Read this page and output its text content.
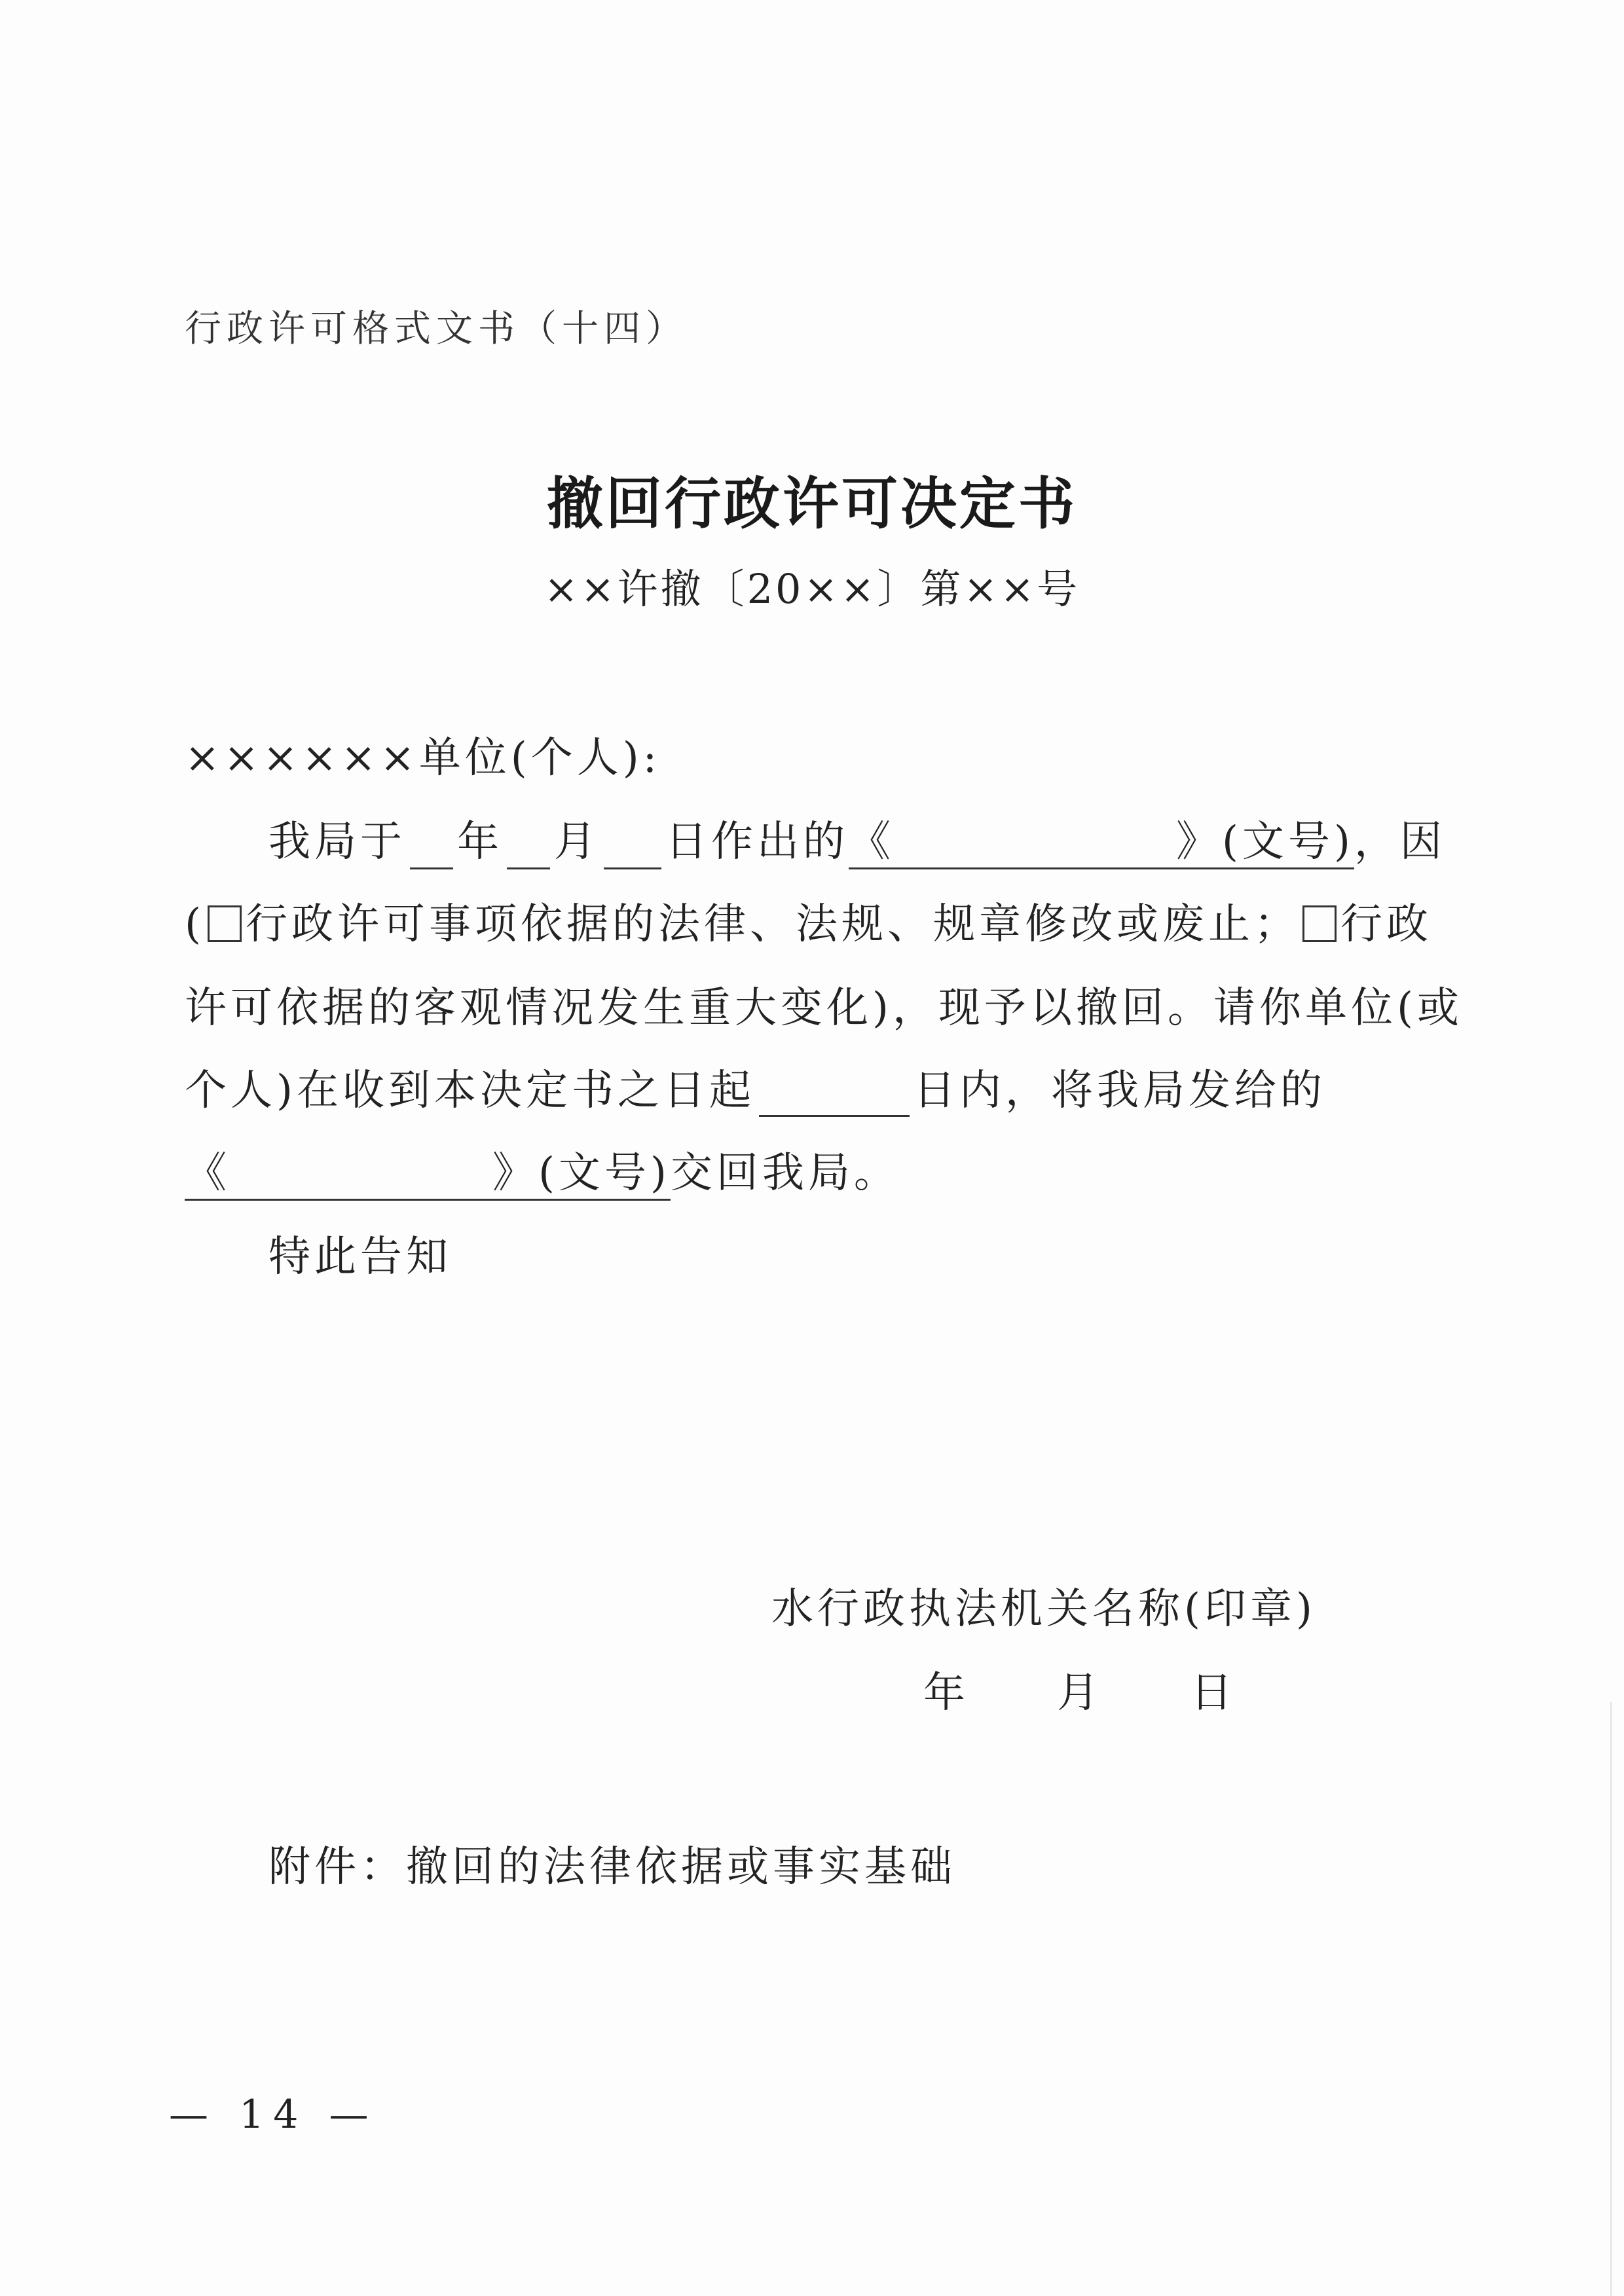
行政许可格式文书（十四）
撤回行政许可决定书
××许撤〔20××〕第××号
××××××单位(个人):
我局于 年 月 日作出的《	》(文号)，因
( 行政许可事项依据的法律、法规、规章修改或废止； 行政
许可依据的客观情况发生重大变化)，现予以撤回。请你单位(或
个人)在收到本决定书之日起	日内，将我局发给的
《	》(文号)交回我局。
特此告知
水行政执法机关名称(印章)
年 月 日
附件：撤回的法律依据或事实基础
— 14 —
